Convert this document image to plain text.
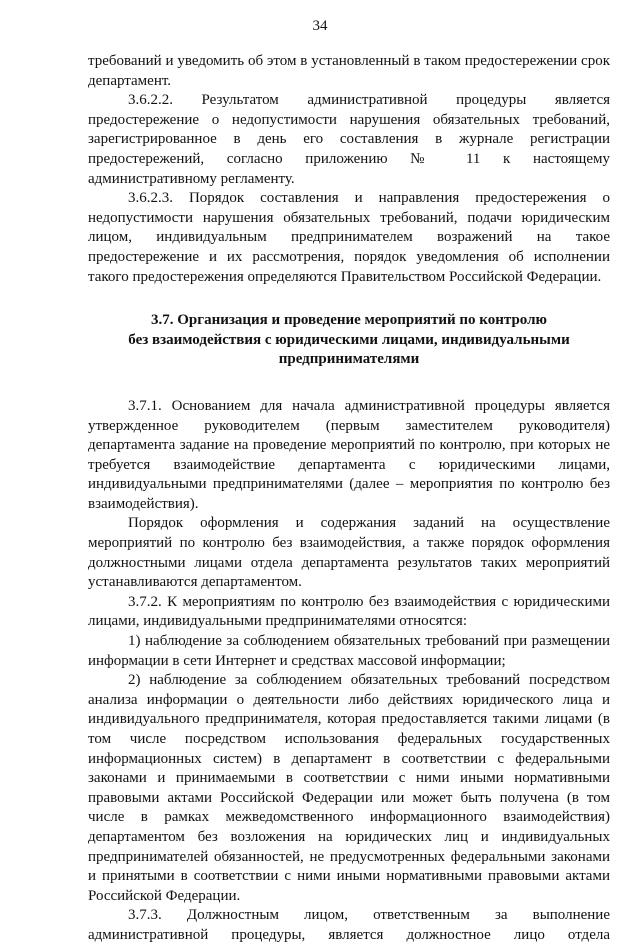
34

требований и уведомить об этом в установленный в таком предостережении срок департамент.

3.6.2.2. Результатом административной процедуры является предостережение о недопустимости нарушения обязательных требований, зарегистрированное в день его составления в журнале регистрации предостережений, согласно приложению № 11 к настоящему административному регламенту.

3.6.2.3. Порядок составления и направления предостережения о недопустимости нарушения обязательных требований, подачи юридическим лицом, индивидуальным предпринимателем возражений на такое предостережение и их рассмотрения, порядок уведомления об исполнении такого предостережения определяются Правительством Российской Федерации.

3.7. Организация и проведение мероприятий по контролю
без взаимодействия с юридическими лицами, индивидуальными
предпринимателями

3.7.1. Основанием для начала административной процедуры является утвержденное руководителем (первым заместителем руководителя) департамента задание на проведение мероприятий по контролю, при которых не требуется взаимодействие департамента с юридическими лицами, индивидуальными предпринимателями (далее – мероприятия по контролю без взаимодействия).

Порядок оформления и содержания заданий на осуществление мероприятий по контролю без взаимодействия, а также порядок оформления должностными лицами отдела департамента результатов таких мероприятий устанавливаются департаментом.

3.7.2. К мероприятиям по контролю без взаимодействия с юридическими лицами, индивидуальными предпринимателями относятся:

1) наблюдение за соблюдением обязательных требований при размещении информации в сети Интернет и средствах массовой информации;

2) наблюдение за соблюдением обязательных требований посредством анализа информации о деятельности либо действиях юридического лица и индивидуального предпринимателя, которая предоставляется такими лицами (в том числе посредством использования федеральных государственных информационных систем) в департамент в соответствии с федеральными законами и принимаемыми в соответствии с ними иными нормативными правовыми актами Российской Федерации или может быть получена (в том числе в рамках межведомственного информационного взаимодействия) департаментом без возложения на юридических лиц и индивидуальных предпринимателей обязанностей, не предусмотренных федеральными законами и принятыми в соответствии с ними иными нормативными правовыми актами Российской Федерации.

3.7.3. Должностным лицом, ответственным за выполнение административной процедуры, является должностное лицо отдела
